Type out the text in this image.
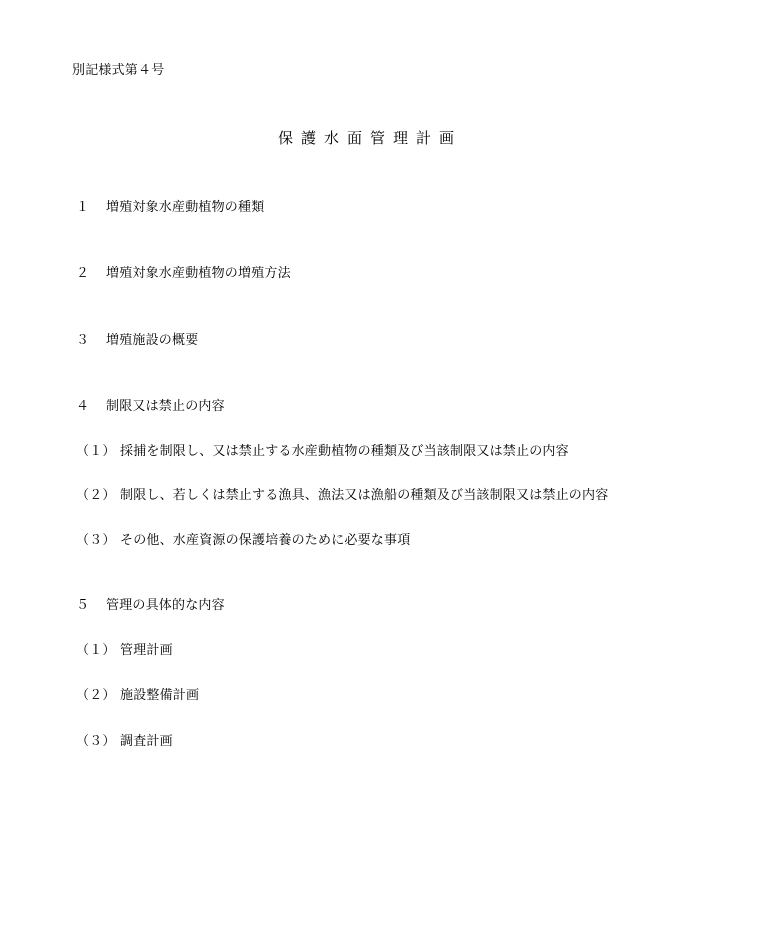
別記様式第４号
保護水面管理計画
１ 増殖対象水産動植物の種類
２ 増殖対象水産動植物の増殖方法
３ 増殖施設の概要
４ 制限又は禁止の内容
（１） 採捕を制限し、又は禁止する水産動植物の種類及び当該制限又は禁止の内容
（２） 制限し、若しくは禁止する漁具、漁法又は漁船の種類及び当該制限又は禁止の内容
（３） その他、水産資源の保護培養のために必要な事項
５ 管理の具体的な内容
（１） 管理計画
（２） 施設整備計画
（３） 調査計画
